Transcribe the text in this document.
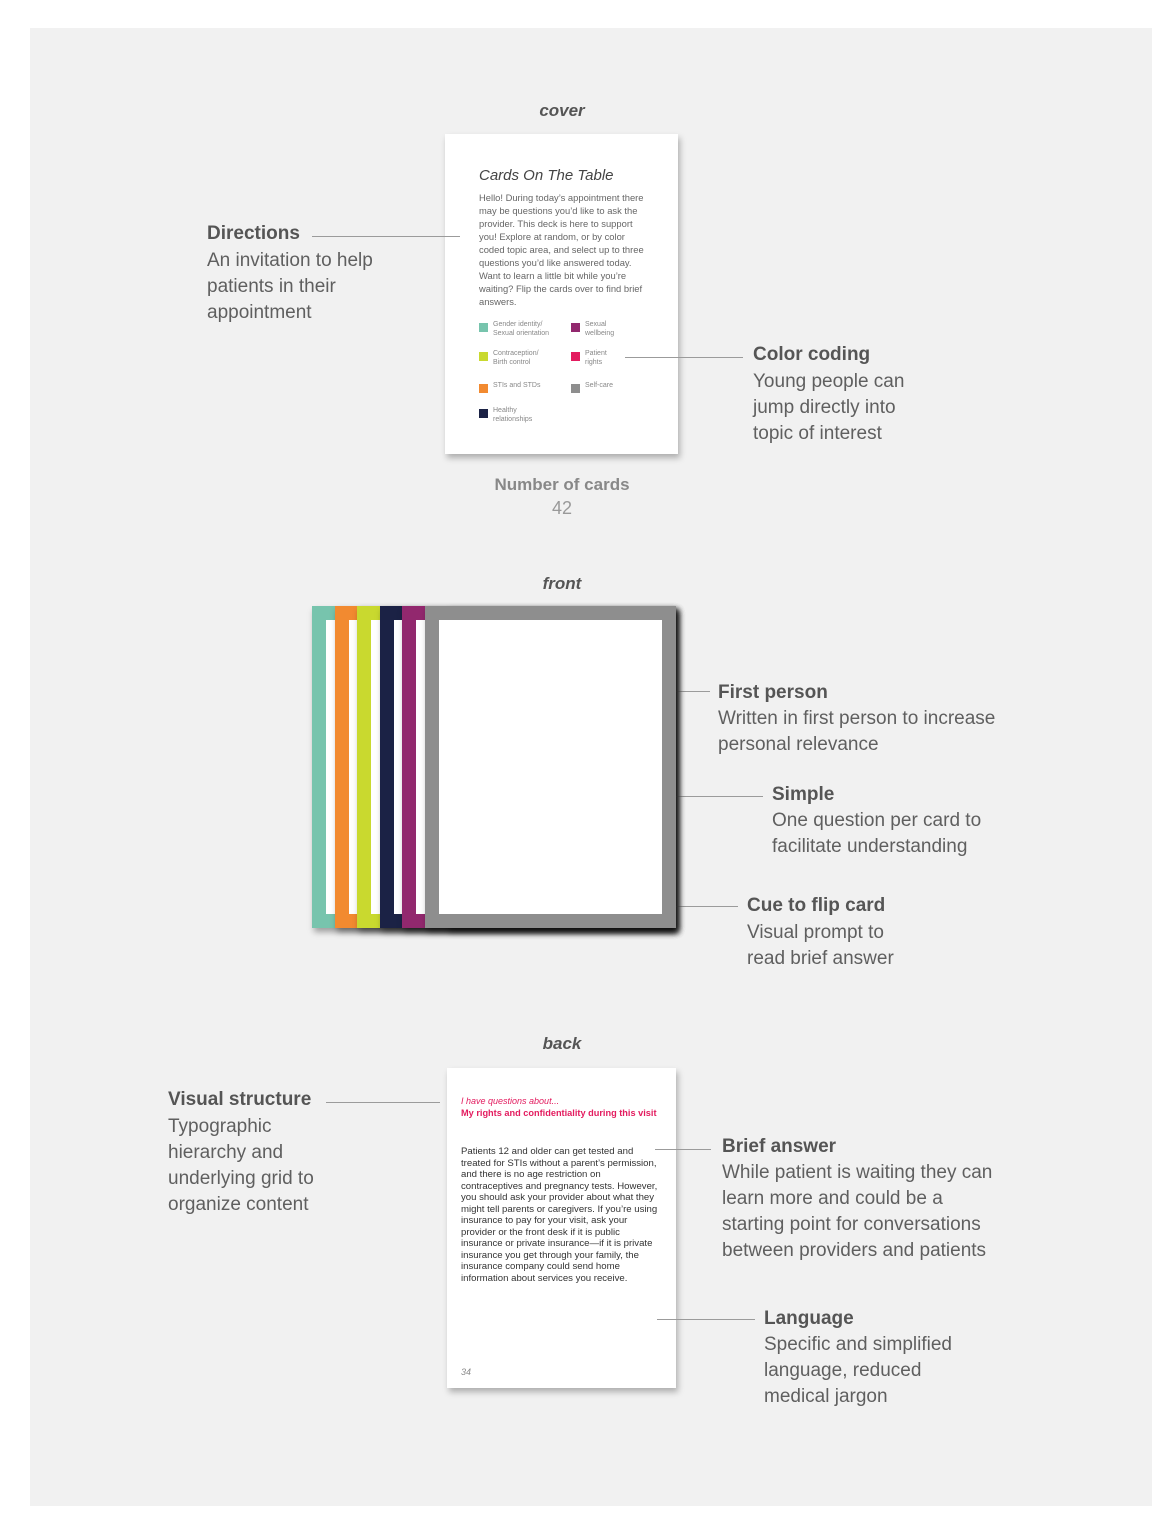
cover
Cards On The Table
Hello! During today’s appointment there may be questions you’d like to ask the provider. This deck is here to support you! Explore at random, or by color coded topic area, and select up to three questions you’d like answered today. Want to learn a little bit while you’re waiting? Flip the cards over to find brief answers.
Gender identity/
Sexual orientation
Sexual
wellbeing
Contraception/
Birth control
Patient
rights
STIs and STDs	Self-care
Healthy
relationships
Directions
An invitation to help patients in their appointment
Color coding
Young people can jump directly into topic of interest
Number of cards
42
front
First person
Written in first person to increase personal relevance
Simple
One question per card to facilitate understanding
Cue to flip card
Visual prompt to read brief answer
back
I have questions about...
My rights and confidentiality during this visit
Patients 12 and older can get tested and treated for STIs without a parent’s permission, and there is no age restriction on contraceptives and pregnancy tests. However, you should ask your provider about what they might tell parents or caregivers. If you’re using insurance to pay for your visit, ask your provider or the front desk if it is public insurance or private insurance—if it is private insurance you get through your family, the insurance company could send home information about services you receive.
34
Visual structure
Typographic hierarchy and underlying grid to organize content
Brief answer
While patient is waiting they can learn more and could be a starting point for conversations between providers and patients
Language
Specific and simplified language, reduced medical jargon
